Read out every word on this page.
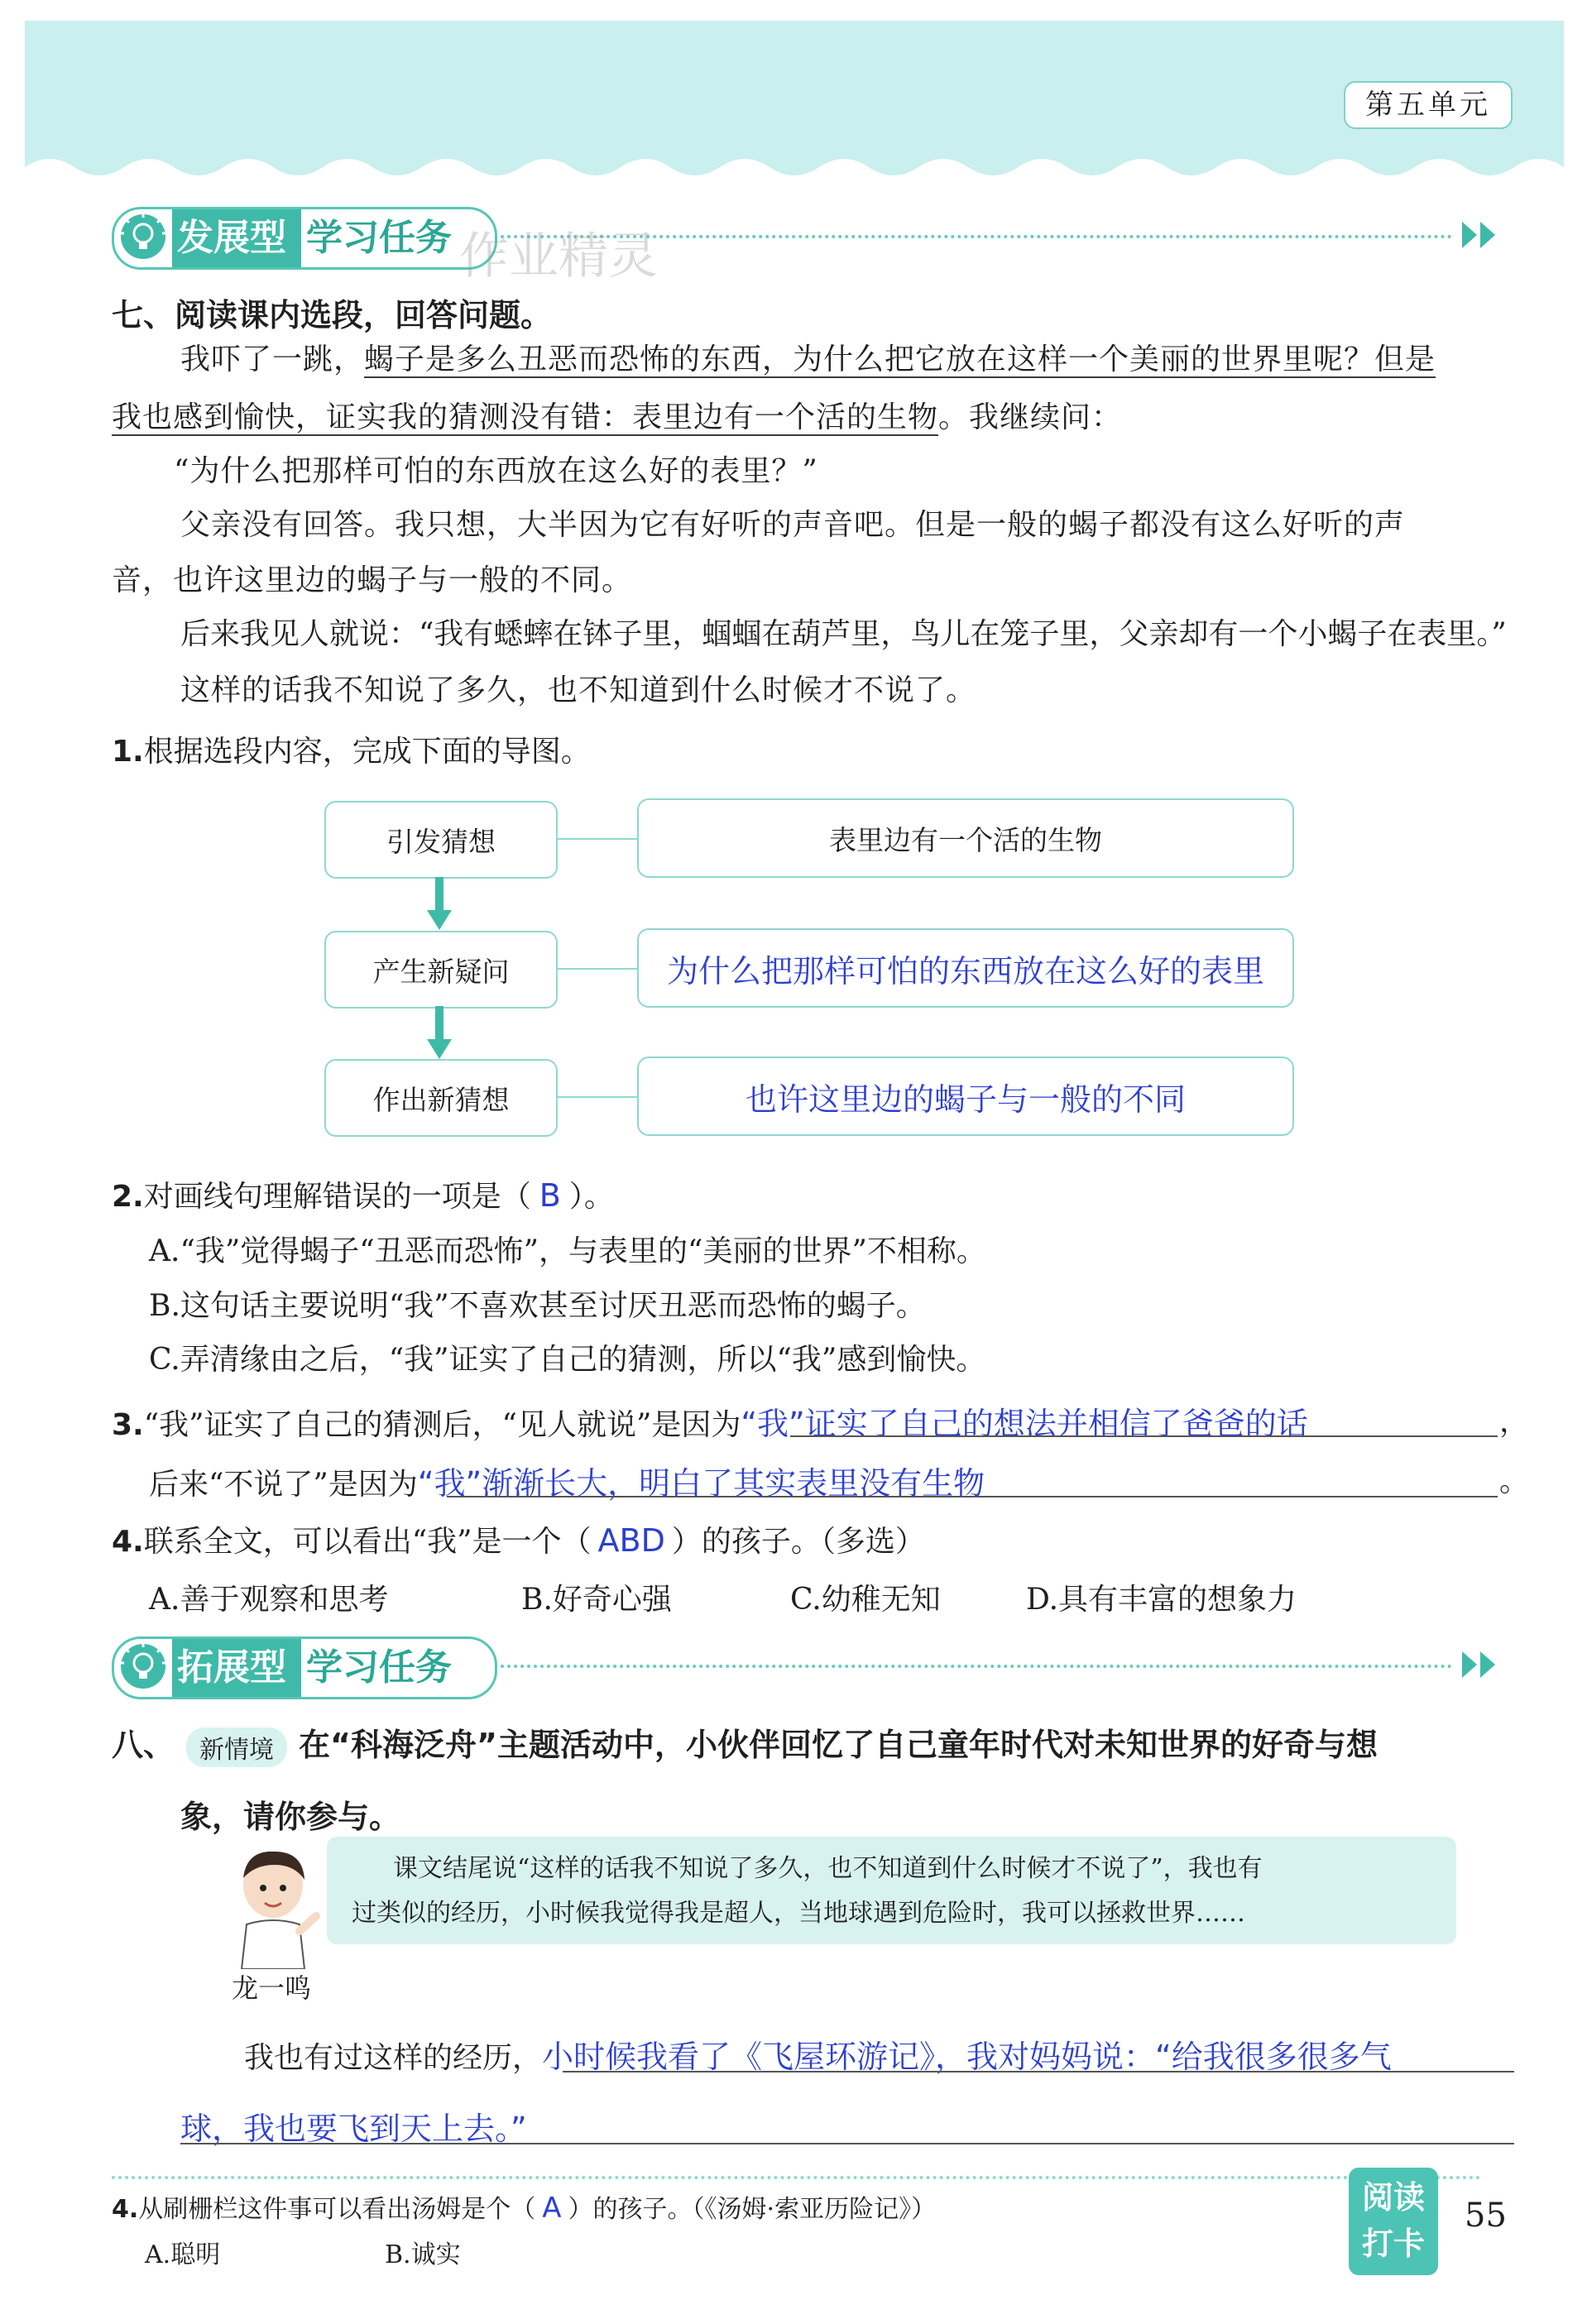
第五单元
发展型 学习任务 作业精灵
七、阅读课内选段，回答问题。
我吓了一跳，蝎子是多么丑恶而恐怖的东西，为什么把它放在这样一个美丽的世界里呢？但是
我也感到愉快，证实我的猜测没有错：表里边有一个活的生物。我继续问：
“为什么把那样可怕的东西放在这么好的表里？”
父亲没有回答。我只想，大半因为它有好听的声音吧。但是一般的蝎子都没有这么好听的声
音，也许这里边的蝎子与一般的不同。
后来我见人就说：“我有蟋蟀在钵子里，蝈蝈在葫芦里，鸟儿在笼子里，父亲却有一个小蝎子在表里。”
这样的话我不知说了多久，也不知道到什么时候才不说了。
1.根据选段内容，完成下面的导图。
引发猜想	表里边有一个活的生物
产生新疑问	为什么把那样可怕的东西放在这么好的表里
作出新猜想	也许这里边的蝎子与一般的不同
2.对画线句理解错误的一项是（ B ）。
A.“我”觉得蝎子“丑恶而恐怖”，与表里的“美丽的世界”不相称。
B.这句话主要说明“我”不喜欢甚至讨厌丑恶而恐怖的蝎子。
C.弄清缘由之后，“我”证实了自己的猜测，所以“我”感到愉快。
3.“我”证实了自己的猜测后，“见人就说”是因为“我”证实了自己的想法并相信了爸爸的话	，
后来“不说了”是因为“我”渐渐长大，明白了其实表里没有生物	。
4.联系全文，可以看出“我”是一个（ ABD ）的孩子。（多选）
A.善于观察和思考	B.好奇心强	C.幼稚无知	D.具有丰富的想象力
拓展型 学习任务
八、 新情境 在“科海泛舟”主题活动中，小伙伴回忆了自己童年时代对未知世界的好奇与想
象，请你参与。
龙一鸣
课文结尾说“这样的话我不知说了多久，也不知道到什么时候才不说了”，我也有
过类似的经历，小时候我觉得我是超人，当地球遇到危险时，我可以拯救世界……
我也有过这样的经历，小时候我看了《飞屋环游记》，我对妈妈说：“给我很多很多气
球，我也要飞到天上去。”
4.从刷栅栏这件事可以看出汤姆是个（ A ）的孩子。（《汤姆·索亚历险记》）
A.聪明	B.诚实
阅读
打卡
55
